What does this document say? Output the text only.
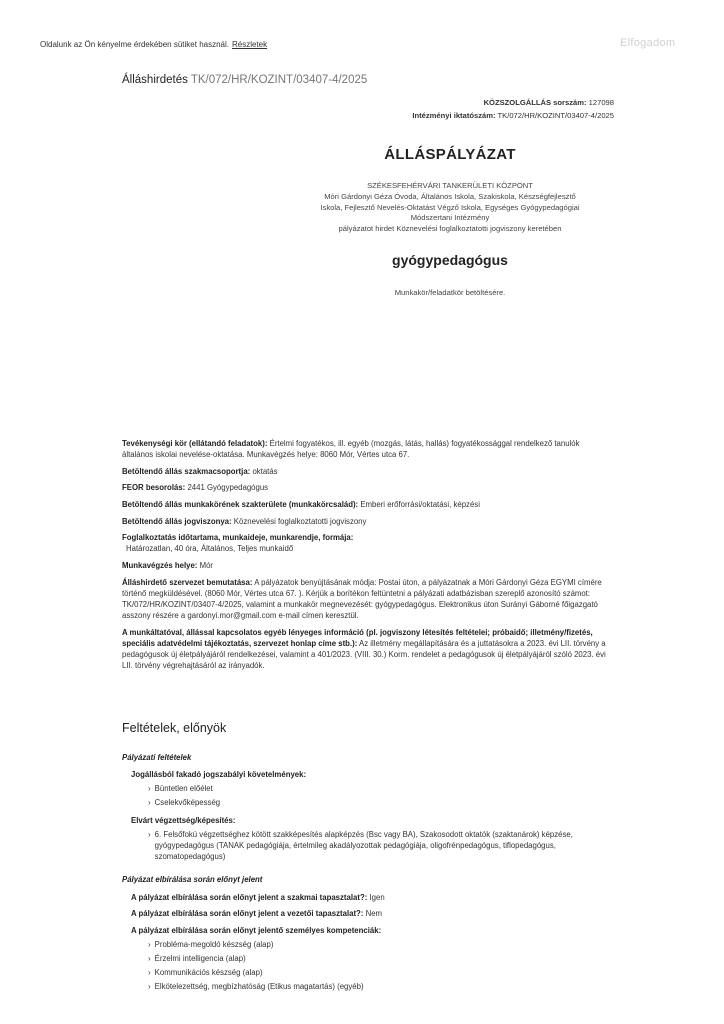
Oldalunk az Ön kényelme érdekében sütiket használ. Részletek	Elfogadom
Álláshirdetés TK/072/HR/KOZINT/03407-4/2025
KÖZSZOLGÁLLÁS sorszám: 127098
Intézményi iktatószám: TK/072/HR/KOZINT/03407-4/2025
ÁLLÁSPÁLYÁZAT
SZÉKESFEHÉRVÁRI TANKERÜLETI KÖZPONT
Móri Gárdonyi Géza Óvoda, Általános Iskola, Szakiskola, Készségfejlesztő
Iskola, Fejlesztő Nevelés-Oktatást Végző Iskola, Egységes Gyógypedagógiai
Módszertani Intézmény
pályázatot hirdet Köznevelési foglalkoztatotti jogviszony keretében
gyógypedagógus
Munkakör/feladatkör betöltésére.
Tevékenységi kör (ellátandó feladatok): Értelmi fogyatékos, ill. egyéb (mozgás, látás, hallás) fogyatékossággal rendelkező tanulók általános iskolai nevelése-oktatása. Munkavégzés helye: 8060 Mór, Vértes utca 67.
Betöltendő állás szakmacsoportja: oktatás
FEOR besorolás: 2441 Gyógypedagógus
Betöltendő állás munkakörének szakterülete (munkakörcsalád): Emberi erőforrási/oktatási, képzési
Betöltendő állás jogviszonya: Köznevelési foglalkoztatotti jogviszony
Foglalkoztatás időtartama, munkaideje, munkarendje, formája:
Határozatlan, 40 óra, Általános, Teljes munkaidő
Munkavégzés helye: Mór
Álláshirdető szervezet bemutatása: A pályázatok benyújtásának módja: Postai úton, a pályázatnak a Móri Gárdonyi Géza EGYMI címére történő megküldésével. (8060 Mór, Vértes utca 67. ). Kérjük a borítékon feltüntetni a pályázati adatbázisban szereplő azonosító számot: TK/072/HR/KOZINT/03407-4/2025, valamint a munkakör megnevezését: gyógypedagógus. Elektronikus úton Surányi Gáborné főigazgató asszony részére a gardonyi.mor@gmail.com e-mail címen keresztül.
A munkáltatóval, állással kapcsolatos egyéb lényeges információ (pl. jogviszony létesítés feltételei; próbaidő; illetmény/fizetés, speciális adatvédelmi tájékoztatás, szervezet honlap címe stb.): Az illetmény megállapítására és a juttatásokra a 2023. évi LII. törvény a pedagógusok új életpályájáról rendelkezései, valamint a 401/2023. (VIII. 30.) Korm. rendelet a pedagógusok új életpályájáról szóló 2023. évi LII. törvény végrehajtásáról az irányadók.
Feltételek, előnyök
Pályázati feltételek
Jogállásból fakadó jogszabályi követelmények:
› Büntetlen előélet
› Cselekvőképesség
Elvárt végzettség/képesítés:
› 6. Felsőfokú végzettséghez kötött szakképesítés alapképzés (Bsc vagy BA), Szakosodott oktatók (szaktanárok) képzése, gyógypedagógus (TANAK pedagógiája, értelmileg akadályozottak pedagógiája, oligofrénpedagógus, tiflopedagógus, szomatopedagógus)
Pályázat elbírálása során előnyt jelent
A pályázat elbírálása során előnyt jelent a szakmai tapasztalat?: Igen
A pályázat elbírálása során előnyt jelent a vezetői tapasztalat?: Nem
A pályázat elbírálása során előnyt jelentő személyes kompetenciák:
› Probléma-megoldó készség (alap)
› Érzelmi intelligencia (alap)
› Kommunikációs készség (alap)
› Elkötelezettség, megbízhatóság (Etikus magatartás) (egyéb)
